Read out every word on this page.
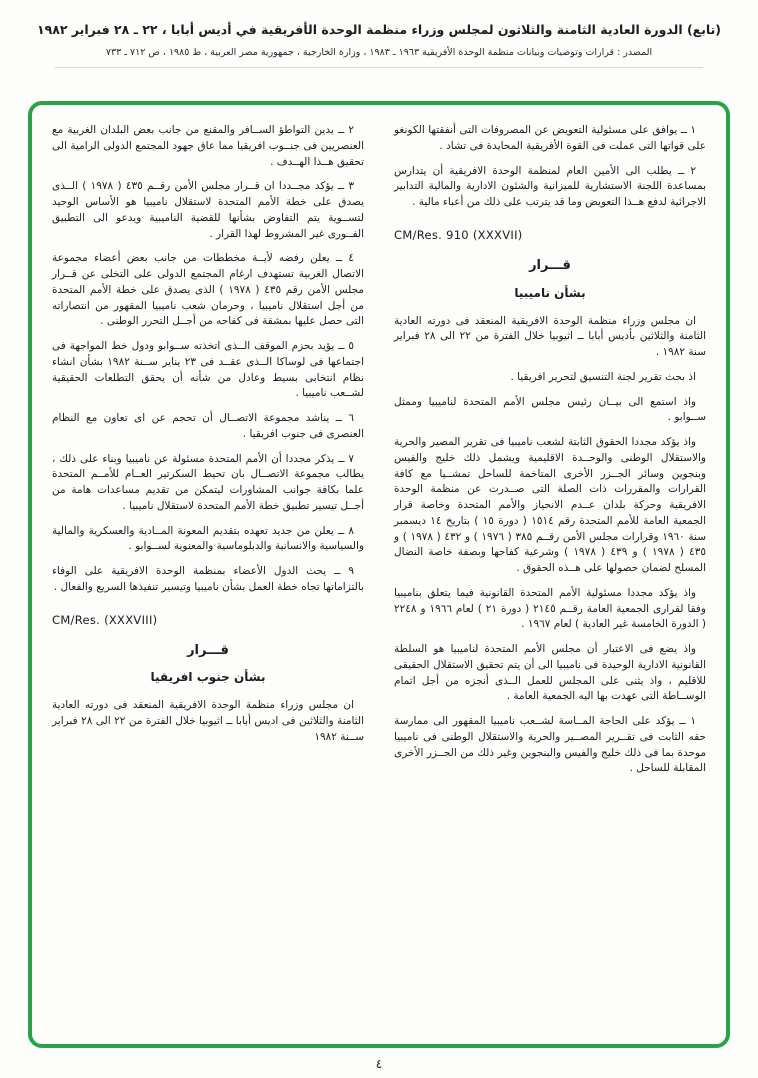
(تابع) الدورة العادية الثامنة والثلاثون لمجلس وزراء منظمة الوحدة الأفريقية في أديس أبابا ، ٢٢ ـ ٢٨ فبراير ١٩٨٢
المصدر : قرارات وتوصيات وبيانات منظمة الوحدة الأفريقية ١٩٦٣ ـ ١٩٨٣ ، وزارة الخارجية ، جمهورية مصر العربية ، ط ١٩٨٥ ، ص ٧١٢ ـ ٧٣٣
١ ــ يوافق على مسئولية التعويض عن المصروفات التى أنفقتها الكونغو على قواتها التى عملت فى القوة الأفريقية المحايدة فى تشاد .
٢ ــ يطلب الى الأمين العام لمنظمة الوحدة الافريقية أن يتدارس بمساعدة اللجنة الاستشارية للميزانية والشئون الادارية والمالية التدابير الاجرائية لدفع هــذا التعويض وما قد يترتب على ذلك من أعباء مالية .
CM/Res. 910 (XXXVII)
قـــرار
بشأن ناميبيا
ان مجلس وزراء منظمة الوحدة الافريقية المنعقد فى دورته العادية الثامنة والثلاثين بأديس أبابا ــ اثيوبيا خلال الفترة من ٢٢ الى ٢٨ فبراير سنة ١٩٨٢ .
اذ بحث تقرير لجنة التنسيق لتحرير افريقيا .
واذ استمع الى بيــان رئيس مجلس الأمم المتحدة لناميبيا وممثل ســوابو .
واذ يؤكد مجددا الحقوق الثابتة لشعب ناميبيا فى تقرير المصير والحرية والاستقلال الوطنى والوحــدة الاقليمية ويشمل ذلك خليج والفيس وبنجوين وسائر الجــزر الأخرى المتاخمة للساحل تمشــيا مع كافة القرارات والمقررات ذات الصلة التى صــدرت عن منظمة الوحدة الافريقية وحركة بلدان عــدم الانحياز والأمم المتحدة وخاصة قرار الجمعية العامة للأمم المتحدة رقم ١٥١٤ ( دورة ١٥ ) بتاريخ ١٤ ديسمبر سنة ١٩٦٠ وقرارات مجلس الأمن رقــم ٣٨٥ ( ١٩٧٦ ) و ٤٣٢ ( ١٩٧٨ ) و ٤٣٥ ( ١٩٧٨ ) و ٤٣٩ ( ١٩٧٨ ) وشرعية كفاحها وبصفة خاصة النضال المسلح لضمان حصولها على هــذه الحقوق .
واذ يؤكد مجددا مسئولية الأمم المتحدة القانونية فيما يتعلق بناميبيا وفقا لقرارى الجمعية العامة رقــم ٢١٤٥ ( دورة ٢١ ) لعام ١٩٦٦ و ٢٢٤٨ ( الدورة الخامسة غير العادية ) لعام ١٩٦٧ .
واذ يضع فى الاعتبار أن مجلس الأمم المتحدة لناميبيا هو السلطة القانونية الادارية الوحيدة فى ناميبيا الى أن يتم تحقيق الاستقلال الحقيقى للاقليم ، واذ يثنى على المجلس للعمل الــذى أنجزه من أجل اتمام الوســاطة التى عهدت بها اليه الجمعية العامة .
١ ــ يؤكد على الحاجة المــاسة لشــعب ناميبيا المقهور الى ممارسة حقه الثابت فى تقــرير المصــير والحرية والاستقلال الوطنى فى ناميبيا موحدة بما فى ذلك خليج والفيس والبنجوين وغير ذلك من الجــزر الأخرى المقابلة للساحل .
٢ ــ يدين التواطؤ الســافر والمقنع من جانب بعض البلدان الغربية مع العنصريين فى جنــوب افريقيا مما عاق جهود المجتمع الدولى الرامية الى تحقيق هــذا الهــدف .
٣ ــ يؤكد مجــددا ان قــرار مجلس الأمن رقــم ٤٣٥ ( ١٩٧٨ ) الــذى يصدق على خطة الأمم المتحدة لاستقلال ناميبيا هو الأساس الوحيد لتســوية يتم التفاوض بشأنها للقضية الناميبية ويدعو الى التطبيق الفــورى غير المشروط لهذا القرار .
٤ ــ يعلن رفضه لأيــة مخططات من جانب بعض أعضاء مجموعة الاتصال الغربية تستهدف ارغام المجتمع الدولى على التخلى عن قــرار مجلس الأمن رقم ٤٣٥ ( ١٩٧٨ ) الذى يصدق على خطة الأمم المتحدة من أجل استقلال ناميبيا ، وحرمان شعب ناميبيا المقهور من انتصاراته التى حصل عليها بمشقة فى كفاحه من أجــل التحرر الوطنى .
٥ ــ يؤيد بحزم الموقف الــذى اتخذته ســوابو ودول خط المواجهة فى اجتماعها فى لوساكا الــذى عقــد فى ٢٣ يناير ســنة ١٩٨٢ بشأن انشاء نظام انتخابى بسيط وعادل من شأنه أن يحقق التطلعات الحقيقية لشــعب ناميبيا .
٦ ــ يناشد مجموعة الاتصــال أن تحجم عن اى تعاون مع النظام العنصرى فى جنوب افريقيا .
٧ ــ يذكر مجددا أن الأمم المتحدة مسئولة عن ناميبيا وبناء على ذلك ، يطالب مجموعة الاتصــال بان تحيط السكرتير العــام للأمــم المتحدة علما بكافة جوانب المشاورات ليتمكن من تقديم مساعدات هامة من أجــل تيسير تطبيق خطة الأمم المتحدة لاستقلال ناميبيا .
٨ ــ يعلن من جديد تعهده بتقديم المعونة المــادية والعسكرية والمالية والسياسية والانسانية والدبلوماسية والمعنوية لســوابو .
٩ ــ يحث الدول الأعضاء بمنظمة الوحدة الافريقية على الوفاء بالتزاماتها تجاه خطة العمل بشأن ناميبيا وتيسير تنفيذها السريع والفعال .
CM/Res. (XXXVIII)
قـــرار
بشأن جنوب افريقيا
ان مجلس وزراء منظمة الوحدة الافريقية المنعقد فى دورته العادية الثامنة والثلاثين فى اديس أبابا ــ اثيوبيا خلال الفترة من ٢٢ الى ٢٨ فبراير ســنة ١٩٨٢
٤
